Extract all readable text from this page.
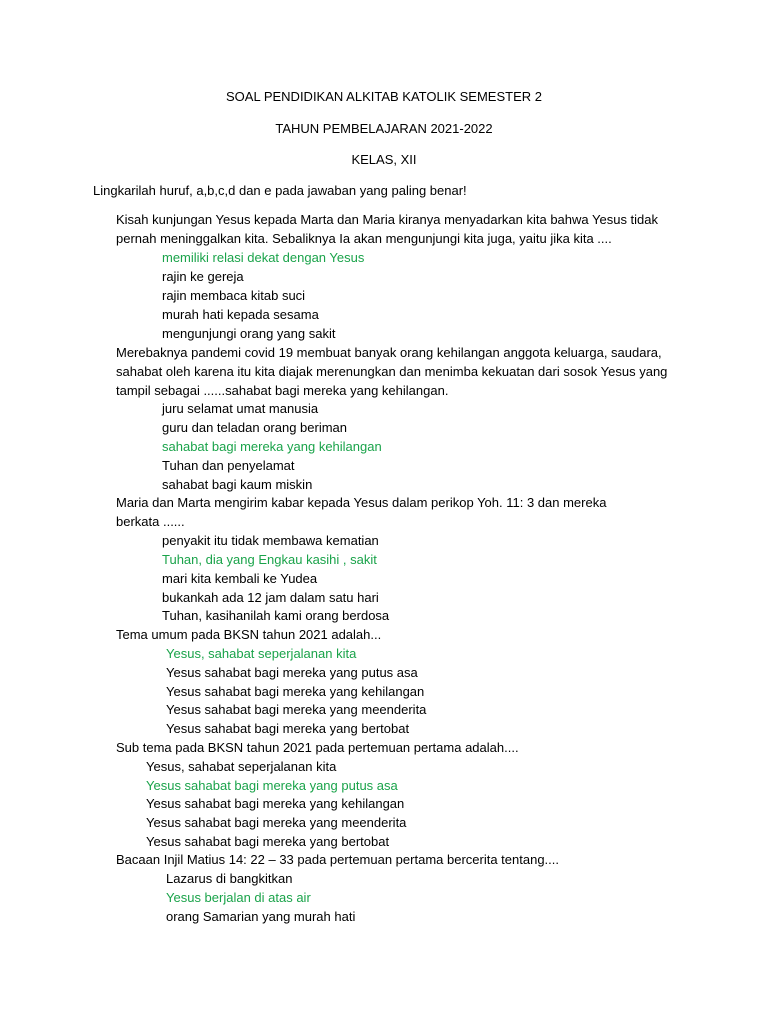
SOAL PENDIDIKAN ALKITAB KATOLIK SEMESTER 2
TAHUN PEMBELAJARAN 2021-2022
KELAS, XII
Lingkarilah huruf, a,b,c,d dan e pada jawaban yang paling benar!
Kisah kunjungan Yesus kepada Marta dan Maria kiranya menyadarkan kita bahwa Yesus tidak pernah meninggalkan kita. Sebaliknya Ia akan mengunjungi kita juga, yaitu jika kita ....
memiliki relasi dekat dengan Yesus
rajin ke gereja
rajin membaca kitab suci
murah hati kepada sesama
mengunjungi orang yang sakit
Merebaknya pandemi covid 19 membuat banyak orang kehilangan anggota keluarga, saudara, sahabat oleh karena itu kita diajak merenungkan dan menimba kekuatan dari sosok Yesus yang tampil sebagai ......sahabat bagi mereka yang kehilangan.
juru selamat umat manusia
guru dan teladan orang beriman
sahabat bagi mereka yang kehilangan
Tuhan dan penyelamat
sahabat bagi kaum miskin
Maria dan Marta mengirim kabar kepada Yesus dalam perikop Yoh. 11: 3 dan mereka berkata ......
penyakit itu tidak membawa kematian
Tuhan, dia yang Engkau kasihi , sakit
mari kita kembali ke Yudea
bukankah ada 12 jam dalam satu hari
Tuhan, kasihanilah kami orang berdosa
Tema umum pada BKSN tahun 2021 adalah...
Yesus, sahabat seperjalanan kita
Yesus sahabat bagi mereka yang putus asa
Yesus sahabat bagi mereka yang kehilangan
Yesus sahabat bagi mereka yang meenderita
Yesus sahabat bagi mereka yang bertobat
Sub tema pada BKSN tahun 2021 pada pertemuan pertama adalah....
Yesus, sahabat seperjalanan kita
Yesus sahabat bagi mereka yang putus asa
Yesus sahabat bagi mereka yang kehilangan
Yesus sahabat bagi mereka yang meenderita
Yesus sahabat bagi mereka yang bertobat
Bacaan Injil Matius 14: 22 – 33 pada pertemuan pertama bercerita tentang....
Lazarus di bangkitkan
Yesus berjalan di atas air
orang Samarian yang murah hati
